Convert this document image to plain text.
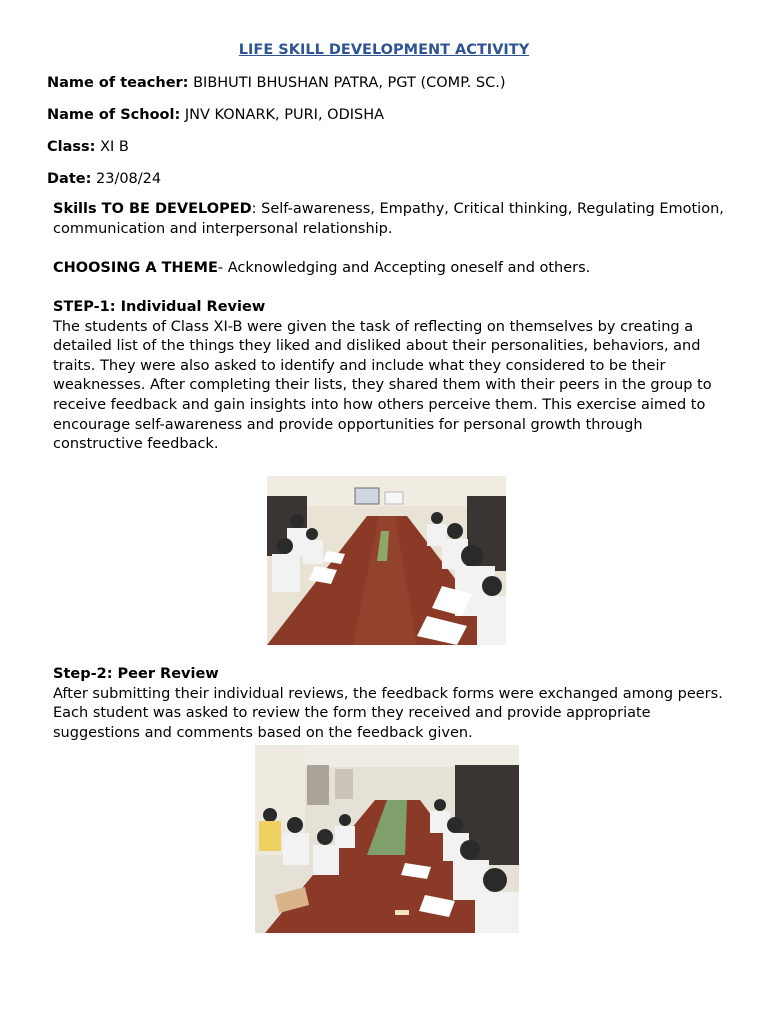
LIFE SKILL DEVELOPMENT ACTIVITY
Name of teacher: BIBHUTI BHUSHAN PATRA, PGT (COMP. SC.)
Name of School: JNV KONARK, PURI, ODISHA
Class: XI B
Date: 23/08/24
Skills TO BE DEVELOPED: Self-awareness, Empathy, Critical thinking, Regulating Emotion, communication and interpersonal relationship.
CHOOSING A THEME- Acknowledging and Accepting oneself and others.
STEP-1: Individual Review
The students of Class XI-B were given the task of reflecting on themselves by creating a detailed list of the things they liked and disliked about their personalities, behaviors, and traits. They were also asked to identify and include what they considered to be their weaknesses. After completing their lists, they shared them with their peers in the group to receive feedback and gain insights into how others perceive them. This exercise aimed to encourage self-awareness and provide opportunities for personal growth through constructive feedback.
Step-2: Peer Review
After submitting their individual reviews, the feedback forms were exchanged among peers. Each student was asked to review the form they received and provide appropriate suggestions and comments based on the feedback given.
